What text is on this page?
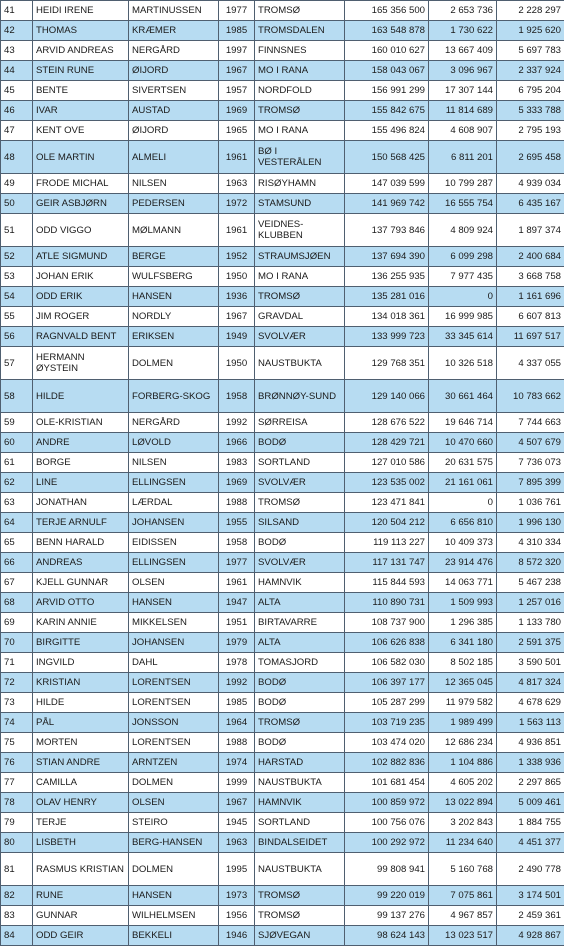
41	HEIDI IRENE	MARTINUSSEN	1977	TROMSØ	165 356 500	2 653 736	2 228 297
42	THOMAS	KRÆMER	1985	TROMSDALEN	163 548 878	1 730 622	1 925 620
43	ARVID ANDREAS	NERGÅRD	1997	FINNSNES	160 010 627	13 667 409	5 697 783
44	STEIN RUNE	ØIJORD	1967	MO I RANA	158 043 067	3 096 967	2 337 924
45	BENTE	SIVERTSEN	1957	NORDFOLD	156 991 299	17 307 144	6 795 204
46	IVAR	AUSTAD	1969	TROMSØ	155 842 675	11 814 689	5 333 788
47	KENT OVE	ØIJORD	1965	MO I RANA	155 496 824	4 608 907	2 795 193
48	OLE MARTIN	ALMELI	1961	BØ I VESTERÅLEN	150 568 425	6 811 201	2 695 458
49	FRODE MICHAL	NILSEN	1963	RISØYHAMN	147 039 599	10 799 287	4 939 034
50	GEIR ASBJØRN	PEDERSEN	1972	STAMSUND	141 969 742	16 555 754	6 435 167
51	ODD VIGGO	MØLMANN	1961	VEIDNES-KLUBBEN	137 793 846	4 809 924	1 897 374
52	ATLE SIGMUND	BERGE	1952	STRAUMSJØEN	137 694 390	6 099 298	2 400 684
53	JOHAN ERIK	WULFSBERG	1950	MO I RANA	136 255 935	7 977 435	3 668 758
54	ODD ERIK	HANSEN	1936	TROMSØ	135 281 016	0	1 161 696
55	JIM ROGER	NORDLY	1967	GRAVDAL	134 018 361	16 999 985	6 607 813
56	RAGNVALD BENT	ERIKSEN	1949	SVOLVÆR	133 999 723	33 345 614	11 697 517
57	HERMANN ØYSTEIN	DOLMEN	1950	NAUSTBUKTA	129 768 351	10 326 518	4 337 055
58	HILDE	FORBERG-SKOG	1958	BRØNNØY-SUND	129 140 066	30 661 464	10 783 662
59	OLE-KRISTIAN	NERGÅRD	1992	SØRREISA	128 676 522	19 646 714	7 744 663
60	ANDRE	LØVOLD	1966	BODØ	128 429 721	10 470 660	4 507 679
61	BORGE	NILSEN	1983	SORTLAND	127 010 586	20 631 575	7 736 073
62	LINE	ELLINGSEN	1969	SVOLVÆR	123 535 002	21 161 061	7 895 399
63	JONATHAN	LÆRDAL	1988	TROMSØ	123 471 841	0	1 036 761
64	TERJE ARNULF	JOHANSEN	1955	SILSAND	120 504 212	6 656 810	1 996 130
65	BENN HARALD	EIDISSEN	1958	BODØ	119 113 227	10 409 373	4 310 334
66	ANDREAS	ELLINGSEN	1977	SVOLVÆR	117 131 747	23 914 476	8 572 320
67	KJELL GUNNAR	OLSEN	1961	HAMNVIK	115 844 593	14 063 771	5 467 238
68	ARVID OTTO	HANSEN	1947	ALTA	110 890 731	1 509 993	1 257 016
69	KARIN ANNIE	MIKKELSEN	1951	BIRTAVARRE	108 737 900	1 296 385	1 133 780
70	BIRGITTE	JOHANSEN	1979	ALTA	106 626 838	6 341 180	2 591 375
71	INGVILD	DAHL	1978	TOMASJORD	106 582 030	8 502 185	3 590 501
72	KRISTIAN	LORENTSEN	1992	BODØ	106 397 177	12 365 045	4 817 324
73	HILDE	LORENTSEN	1985	BODØ	105 287 299	11 979 582	4 678 629
74	PÅL	JONSSON	1964	TROMSØ	103 719 235	1 989 499	1 563 113
75	MORTEN	LORENTSEN	1988	BODØ	103 474 020	12 686 234	4 936 851
76	STIAN ANDRE	ARNTZEN	1974	HARSTAD	102 882 836	1 104 886	1 338 936
77	CAMILLA	DOLMEN	1999	NAUSTBUKTA	101 681 454	4 605 202	2 297 865
78	OLAV HENRY	OLSEN	1967	HAMNVIK	100 859 972	13 022 894	5 009 461
79	TERJE	STEIRO	1945	SORTLAND	100 756 076	3 202 843	1 884 755
80	LISBETH	BERG-HANSEN	1963	BINDALSEIDET	100 292 972	11 234 640	4 451 377
81	RASMUS KRISTIAN	DOLMEN	1995	NAUSTBUKTA	99 808 941	5 160 768	2 490 778
82	RUNE	HANSEN	1973	TROMSØ	99 220 019	7 075 861	3 174 501
83	GUNNAR	WILHELMSEN	1956	TROMSØ	99 137 276	4 967 857	2 459 361
84	ODD GEIR	BEKKELI	1946	SJØVEGAN	98 624 143	13 023 517	4 928 867
